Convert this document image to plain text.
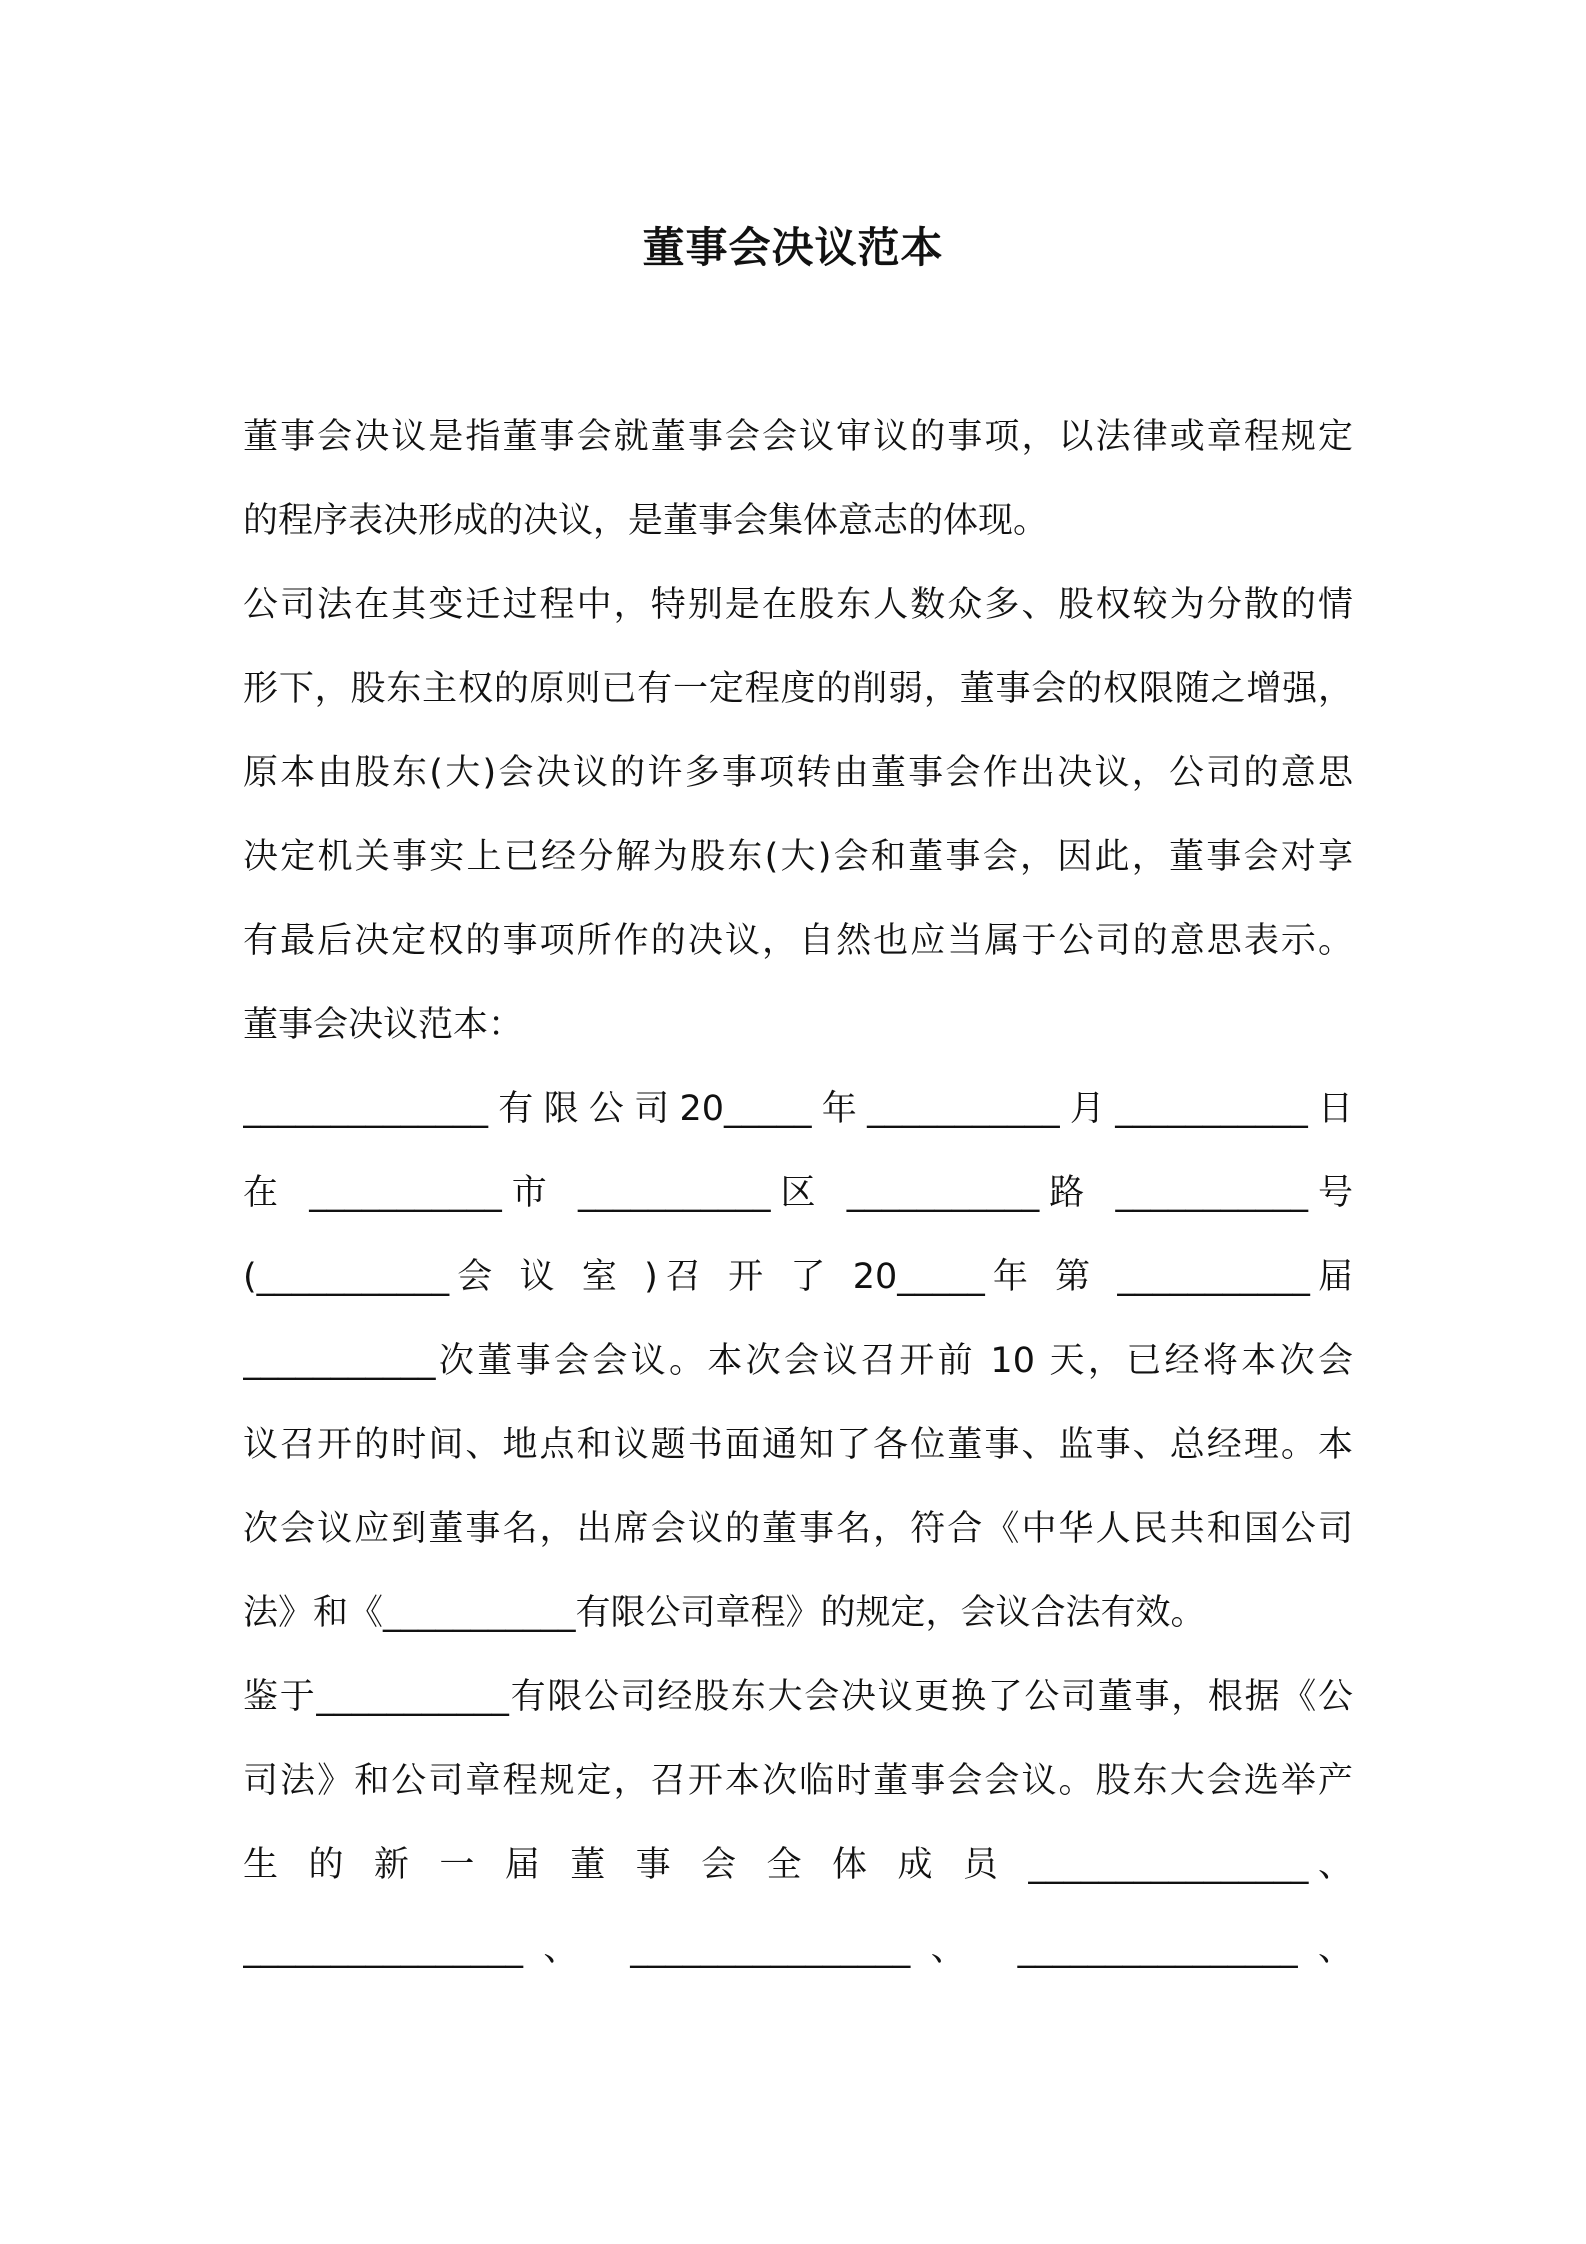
董事会决议范本
董事会决议是指董事会就董事会会议审议的事项，以法律或章程规定
的程序表决形成的决议，是董事会集体意志的体现。
公司法在其变迁过程中，特别是在股东人数众多、股权较为分散的情
形下，股东主权的原则已有一定程度的削弱，董事会的权限随之增强，
原本由股东(大)会决议的许多事项转由董事会作出决议，公司的意思
决定机关事实上已经分解为股东(大)会和董事会，因此，董事会对享
有最后决定权的事项所作的决议，自然也应当属于公司的意思表示。
董事会决议范本：
______________有限公司20_____年___________月___________日
在 ___________市 ___________区 ___________路 ___________号
(___________会 议 室 )召 开 了 20_____年 第 ___________届
___________次董事会会议。本次会议召开前 10 天，已经将本次会
议召开的时间、地点和议题书面通知了各位董事、监事、总经理。本
次会议应到董事名，出席会议的董事名，符合《中华人民共和国公司
法》和《___________有限公司章程》的规定，会议合法有效。
鉴于___________有限公司经股东大会决议更换了公司董事，根据《公
司法》和公司章程规定，召开本次临时董事会会议。股东大会选举产
生 的 新 一 届 董 事 会 全 体 成 员 ________________、
________________、 ________________、 ________________、
